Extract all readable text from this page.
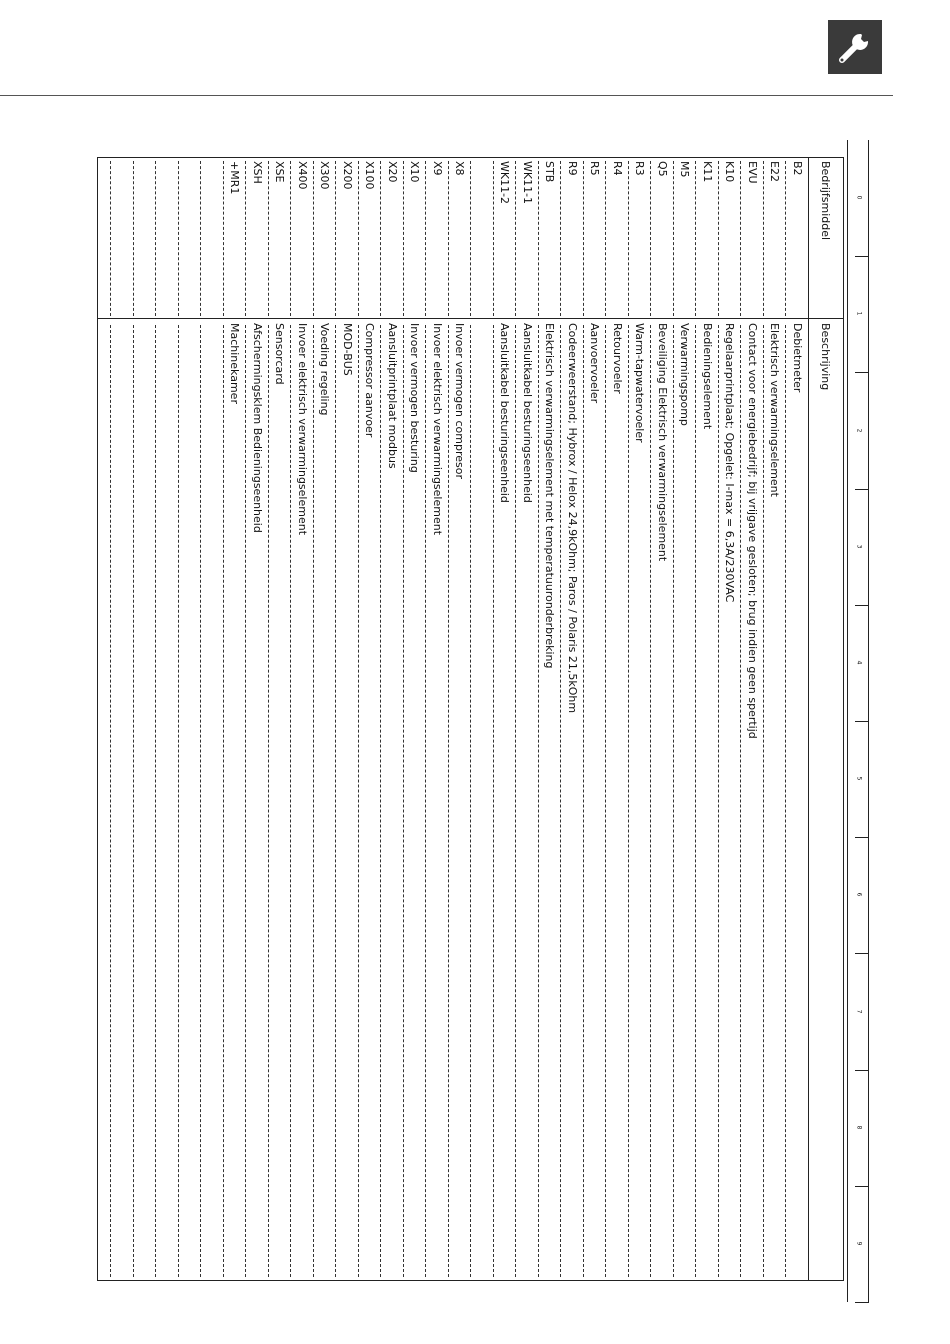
0
1
2
3
4
5
6
7
8
9
Bedrijfsmiddel
Beschrijving
B2
Debietmeter
E22
Elektrisch verwarmingselement
EVU
Contact voor energiebedrijf; bij vrijgave gesloten; brug indien geen spertijd
K10
Regelaarprintplaat; Opgelet: I-max = 6,3A/230VAC
K11
Bedieningselement
M5
Verwarmingspomp
Q5
Beveiliging Elektrisch verwarmingselement
R3
Warm-tapwatervoeler
R4
Retourvoeler
R5
Aanvoervoeler
R9
Codeerweerstand; Hybrox / Helox 24,9kOhm; Paros / Polaris 21,5kOhm
STB
Elektrisch verwarmingselement met temperatuuronderbreking
WK11-1
Aansluitkabel besturingseenheid
WK11-2
Aansluitkabel besturingseenheid
X8
Invoer vermogen compresor
X9
Invoer elektrisch verwarmingselement
X10
Invoer vermogen besturing
X20
Aansluitprintplaat modbus
X100
Compressor aanvoer
X200
MOD-BUS
X300
Voeding regeling
X400
Invoer elektrisch verwarmingselement
XSE
Sensorcard
XSH
Afschermingsklem Bedieningseenheid
+MR1
Machinekamer
